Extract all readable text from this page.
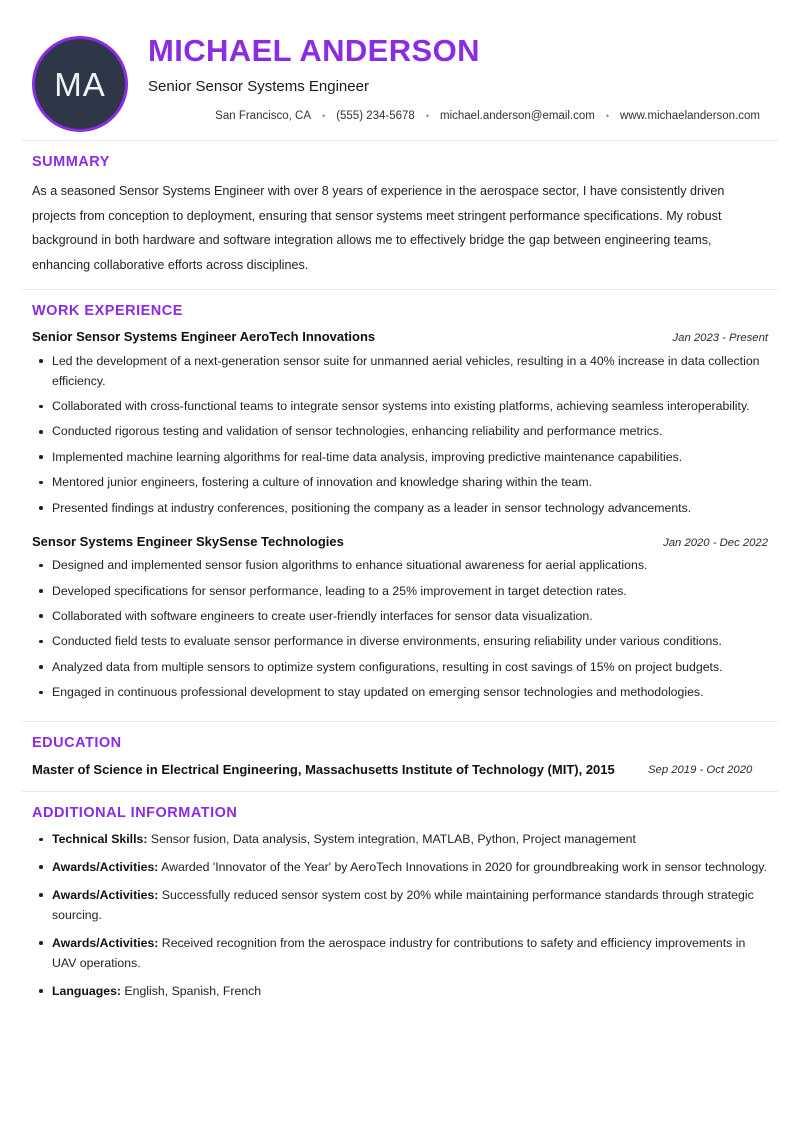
MA
MICHAEL ANDERSON
Senior Sensor Systems Engineer
San Francisco, CA • (555) 234-5678 • michael.anderson@email.com • www.michaelanderson.com
SUMMARY

As a seasoned Sensor Systems Engineer with over 8 years of experience in the aerospace sector, I have consistently driven projects from conception to deployment, ensuring that sensor systems meet stringent performance specifications. My robust background in both hardware and software integration allows me to effectively bridge the gap between engineering teams, enhancing collaborative efforts across disciplines.

WORK EXPERIENCE
Senior Sensor Systems Engineer AeroTech Innovations	Jan 2023 - Present
Led the development of a next-generation sensor suite for unmanned aerial vehicles, resulting in a 40% increase in data collection efficiency.
Collaborated with cross-functional teams to integrate sensor systems into existing platforms, achieving seamless interoperability.
Conducted rigorous testing and validation of sensor technologies, enhancing reliability and performance metrics.
Implemented machine learning algorithms for real-time data analysis, improving predictive maintenance capabilities.
Mentored junior engineers, fostering a culture of innovation and knowledge sharing within the team.
Presented findings at industry conferences, positioning the company as a leader in sensor technology advancements.
Sensor Systems Engineer SkySense Technologies	Jan 2020 - Dec 2022
Designed and implemented sensor fusion algorithms to enhance situational awareness for aerial applications.
Developed specifications for sensor performance, leading to a 25% improvement in target detection rates.
Collaborated with software engineers to create user-friendly interfaces for sensor data visualization.
Conducted field tests to evaluate sensor performance in diverse environments, ensuring reliability under various conditions.
Analyzed data from multiple sensors to optimize system configurations, resulting in cost savings of 15% on project budgets.
Engaged in continuous professional development to stay updated on emerging sensor technologies and methodologies.
EDUCATION
Master of Science in Electrical Engineering, Massachusetts Institute of Technology (MIT), 2015	Sep 2019 - Oct 2020
ADDITIONAL INFORMATION
Technical Skills: Sensor fusion, Data analysis, System integration, MATLAB, Python, Project management
Awards/Activities: Awarded 'Innovator of the Year' by AeroTech Innovations in 2020 for groundbreaking work in sensor technology.
Awards/Activities: Successfully reduced sensor system cost by 20% while maintaining performance standards through strategic sourcing.
Awards/Activities: Received recognition from the aerospace industry for contributions to safety and efficiency improvements in UAV operations.
Languages: English, Spanish, French
